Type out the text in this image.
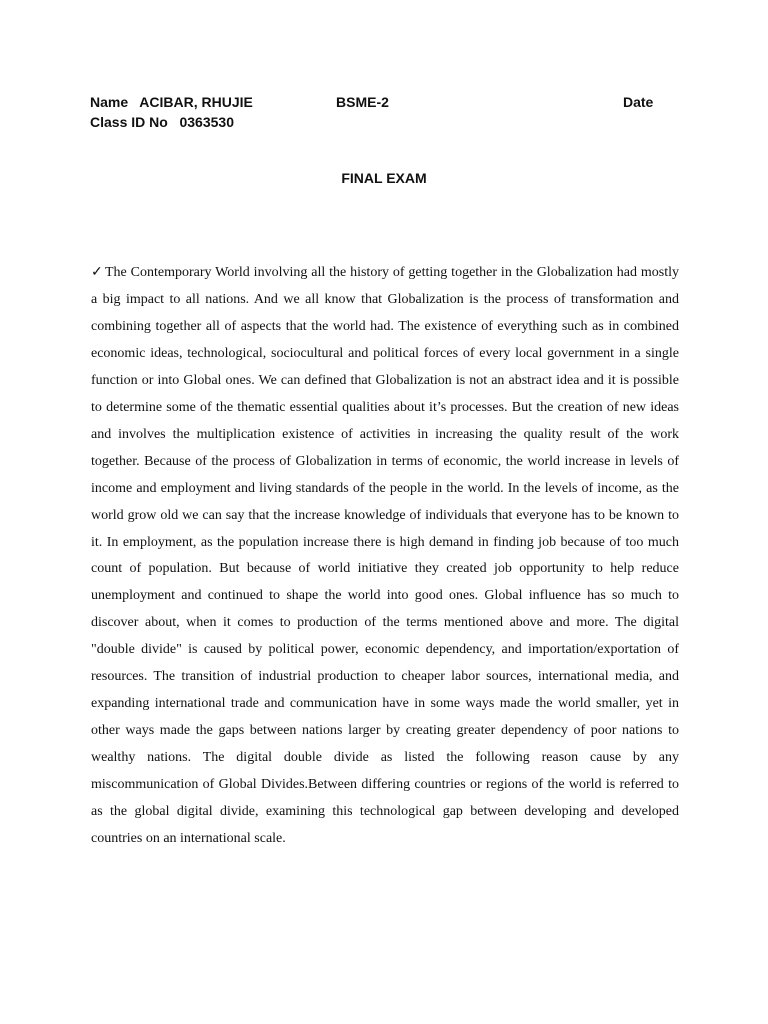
Name ACIBAR, RHUJIE	BSME-2	Date
Class ID No 0363530
FINAL EXAM

✓ The Contemporary World involving all the history of getting together in the Globalization had mostly a big impact to all nations. And we all know that Globalization is the process of transformation and combining together all of aspects that the world had. The existence of everything such as in combined economic ideas, technological, sociocultural and political forces of every local government in a single function or into Global ones. We can defined that Globalization is not an abstract idea and it is possible to determine some of the thematic essential qualities about it’s processes. But the creation of new ideas and involves the multiplication existence of activities in increasing the quality result of the work together. Because of the process of Globalization in terms of economic, the world increase in levels of income and employment and living standards of the people in the world. In the levels of income, as the world grow old we can say that the increase knowledge of individuals that everyone has to be known to it. In employment, as the population increase there is high demand in finding job because of too much count of population. But because of world initiative they created job opportunity to help reduce unemployment and continued to shape the world into good ones. Global influence has so much to discover about, when it comes to production of the terms mentioned above and more. The digital "double divide" is caused by political power, economic dependency, and importation/exportation of resources. The transition of industrial production to cheaper labor sources, international media, and expanding international trade and communication have in some ways made the world smaller, yet in other ways made the gaps between nations larger by creating greater dependency of poor nations to wealthy nations. The digital double divide as listed the following reason cause by any miscommunication of Global Divides.Between differing countries or regions of the world is referred to as the global digital divide, examining this technological gap between developing and developed countries on an international scale.
